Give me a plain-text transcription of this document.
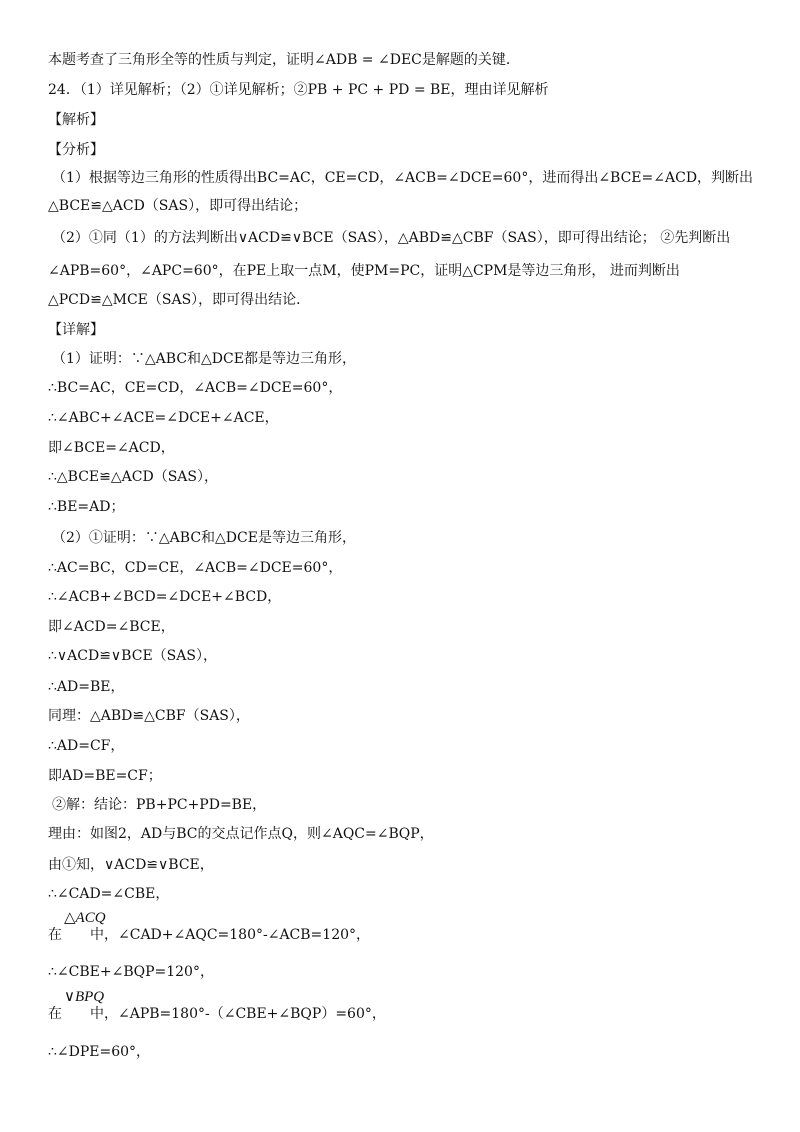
本题考查了三角形全等的性质与判定，证明∠ADB = ∠DEC是解题的关键．
24．（1）详见解析；（2）①详见解析；②PB + PC + PD = BE，理由详见解析
【解析】
【分析】
（1）根据等边三角形的性质得出BC=AC，CE=CD，∠ACB=∠DCE=60°，进而得出∠BCE=∠ACD，判断出
△BCE≌△ACD（SAS），即可得出结论；
（2）①同（1）的方法判断出∨ACD≌∨BCE（SAS），△ABD≌△CBF（SAS），即可得出结论； ②先判断出
∠APB=60°，∠APC=60°，在PE上取一点M，使PM=PC，证明△CPM是等边三角形， 进而判断出
△PCD≌△MCE（SAS），即可得出结论．
【详解】
（1）证明：∵△ABC和△DCE都是等边三角形，
∴BC=AC，CE=CD，∠ACB=∠DCE=60°，
∴∠ABC+∠ACE=∠DCE+∠ACE，
即∠BCE=∠ACD，
∴△BCE≌△ACD（SAS），
∴BE=AD；
（2）①证明：∵△ABC和△DCE是等边三角形，
∴AC=BC，CD=CE，∠ACB=∠DCE=60°，
∴∠ACB+∠BCD=∠DCE+∠BCD，
即∠ACD=∠BCE，
∴∨ACD≌∨BCE（SAS），
∴AD=BE，
同理：△ABD≌△CBF（SAS），
∴AD=CF，
即AD=BE=CF；
②解：结论：PB+PC+PD=BE，
理由：如图2，AD与BC的交点记作点Q，则∠AQC=∠BQP，
由①知，∨ACD≌∨BCE，
∴∠CAD=∠CBE，
△ACQ
在　　中，∠CAD+∠AQC=180°-∠ACB=120°，
∴∠CBE+∠BQP=120°，
∨BPQ
在　　中，∠APB=180°-（∠CBE+∠BQP）=60°，
∴∠DPE=60°，
